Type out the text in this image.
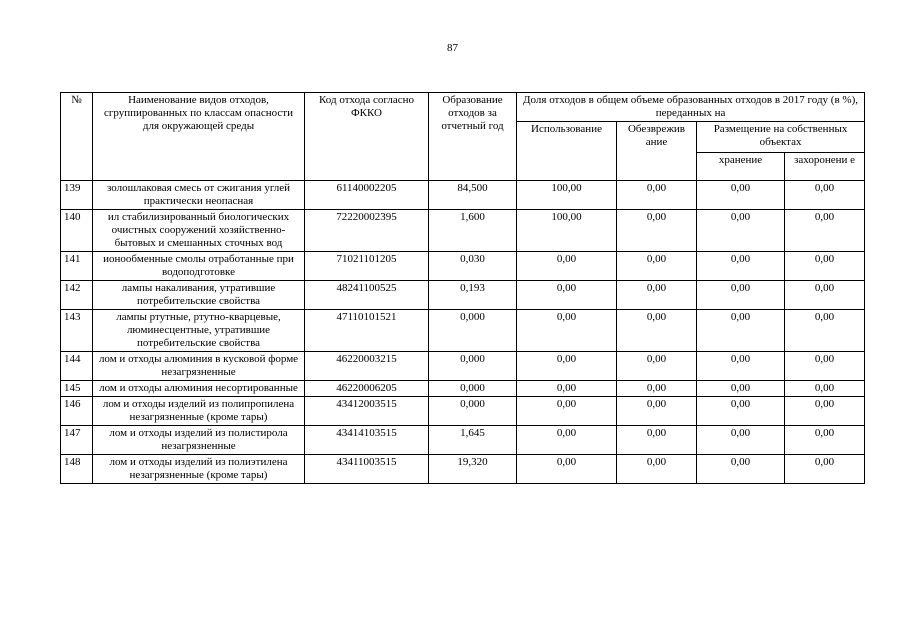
87
№	Наименование видов отходов, сгруппированных по классам опасности для окружающей среды	Код отхода согласно ФККО	Образование отходов за отчетный год	Доля отходов в общем объеме образованных отходов в 2017 году (в %), переданных на			
				Использование	Обезврежив ание	Размещение на собственных объектах	
						хранение	захоронени е
139	золошлаковая смесь от сжигания углей практически неопасная	61140002205	84,500	100,00	0,00	0,00	0,00
140	ил стабилизированный биологических очистных сооружений хозяйственно-бытовых и смешанных сточных вод	72220002395	1,600	100,00	0,00	0,00	0,00
141	ионообменные смолы отработанные при водоподготовке	71021101205	0,030	0,00	0,00	0,00	0,00
142	лампы накаливания, утратившие потребительские свойства	48241100525	0,193	0,00	0,00	0,00	0,00
143	лампы ртутные, ртутно-кварцевые, люминесцентные, утратившие потребительские свойства	47110101521	0,000	0,00	0,00	0,00	0,00
144	лом и отходы алюминия в кусковой форме незагрязненные	46220003215	0,000	0,00	0,00	0,00	0,00
145	лом и отходы алюминия несортированные	46220006205	0,000	0,00	0,00	0,00	0,00
146	лом и отходы изделий из полипропилена незагрязненные (кроме тары)	43412003515	0,000	0,00	0,00	0,00	0,00
147	лом и отходы изделий из полистирола незагрязненные	43414103515	1,645	0,00	0,00	0,00	0,00
148	лом и отходы изделий из полиэтилена незагрязненные (кроме тары)	43411003515	19,320	0,00	0,00	0,00	0,00
